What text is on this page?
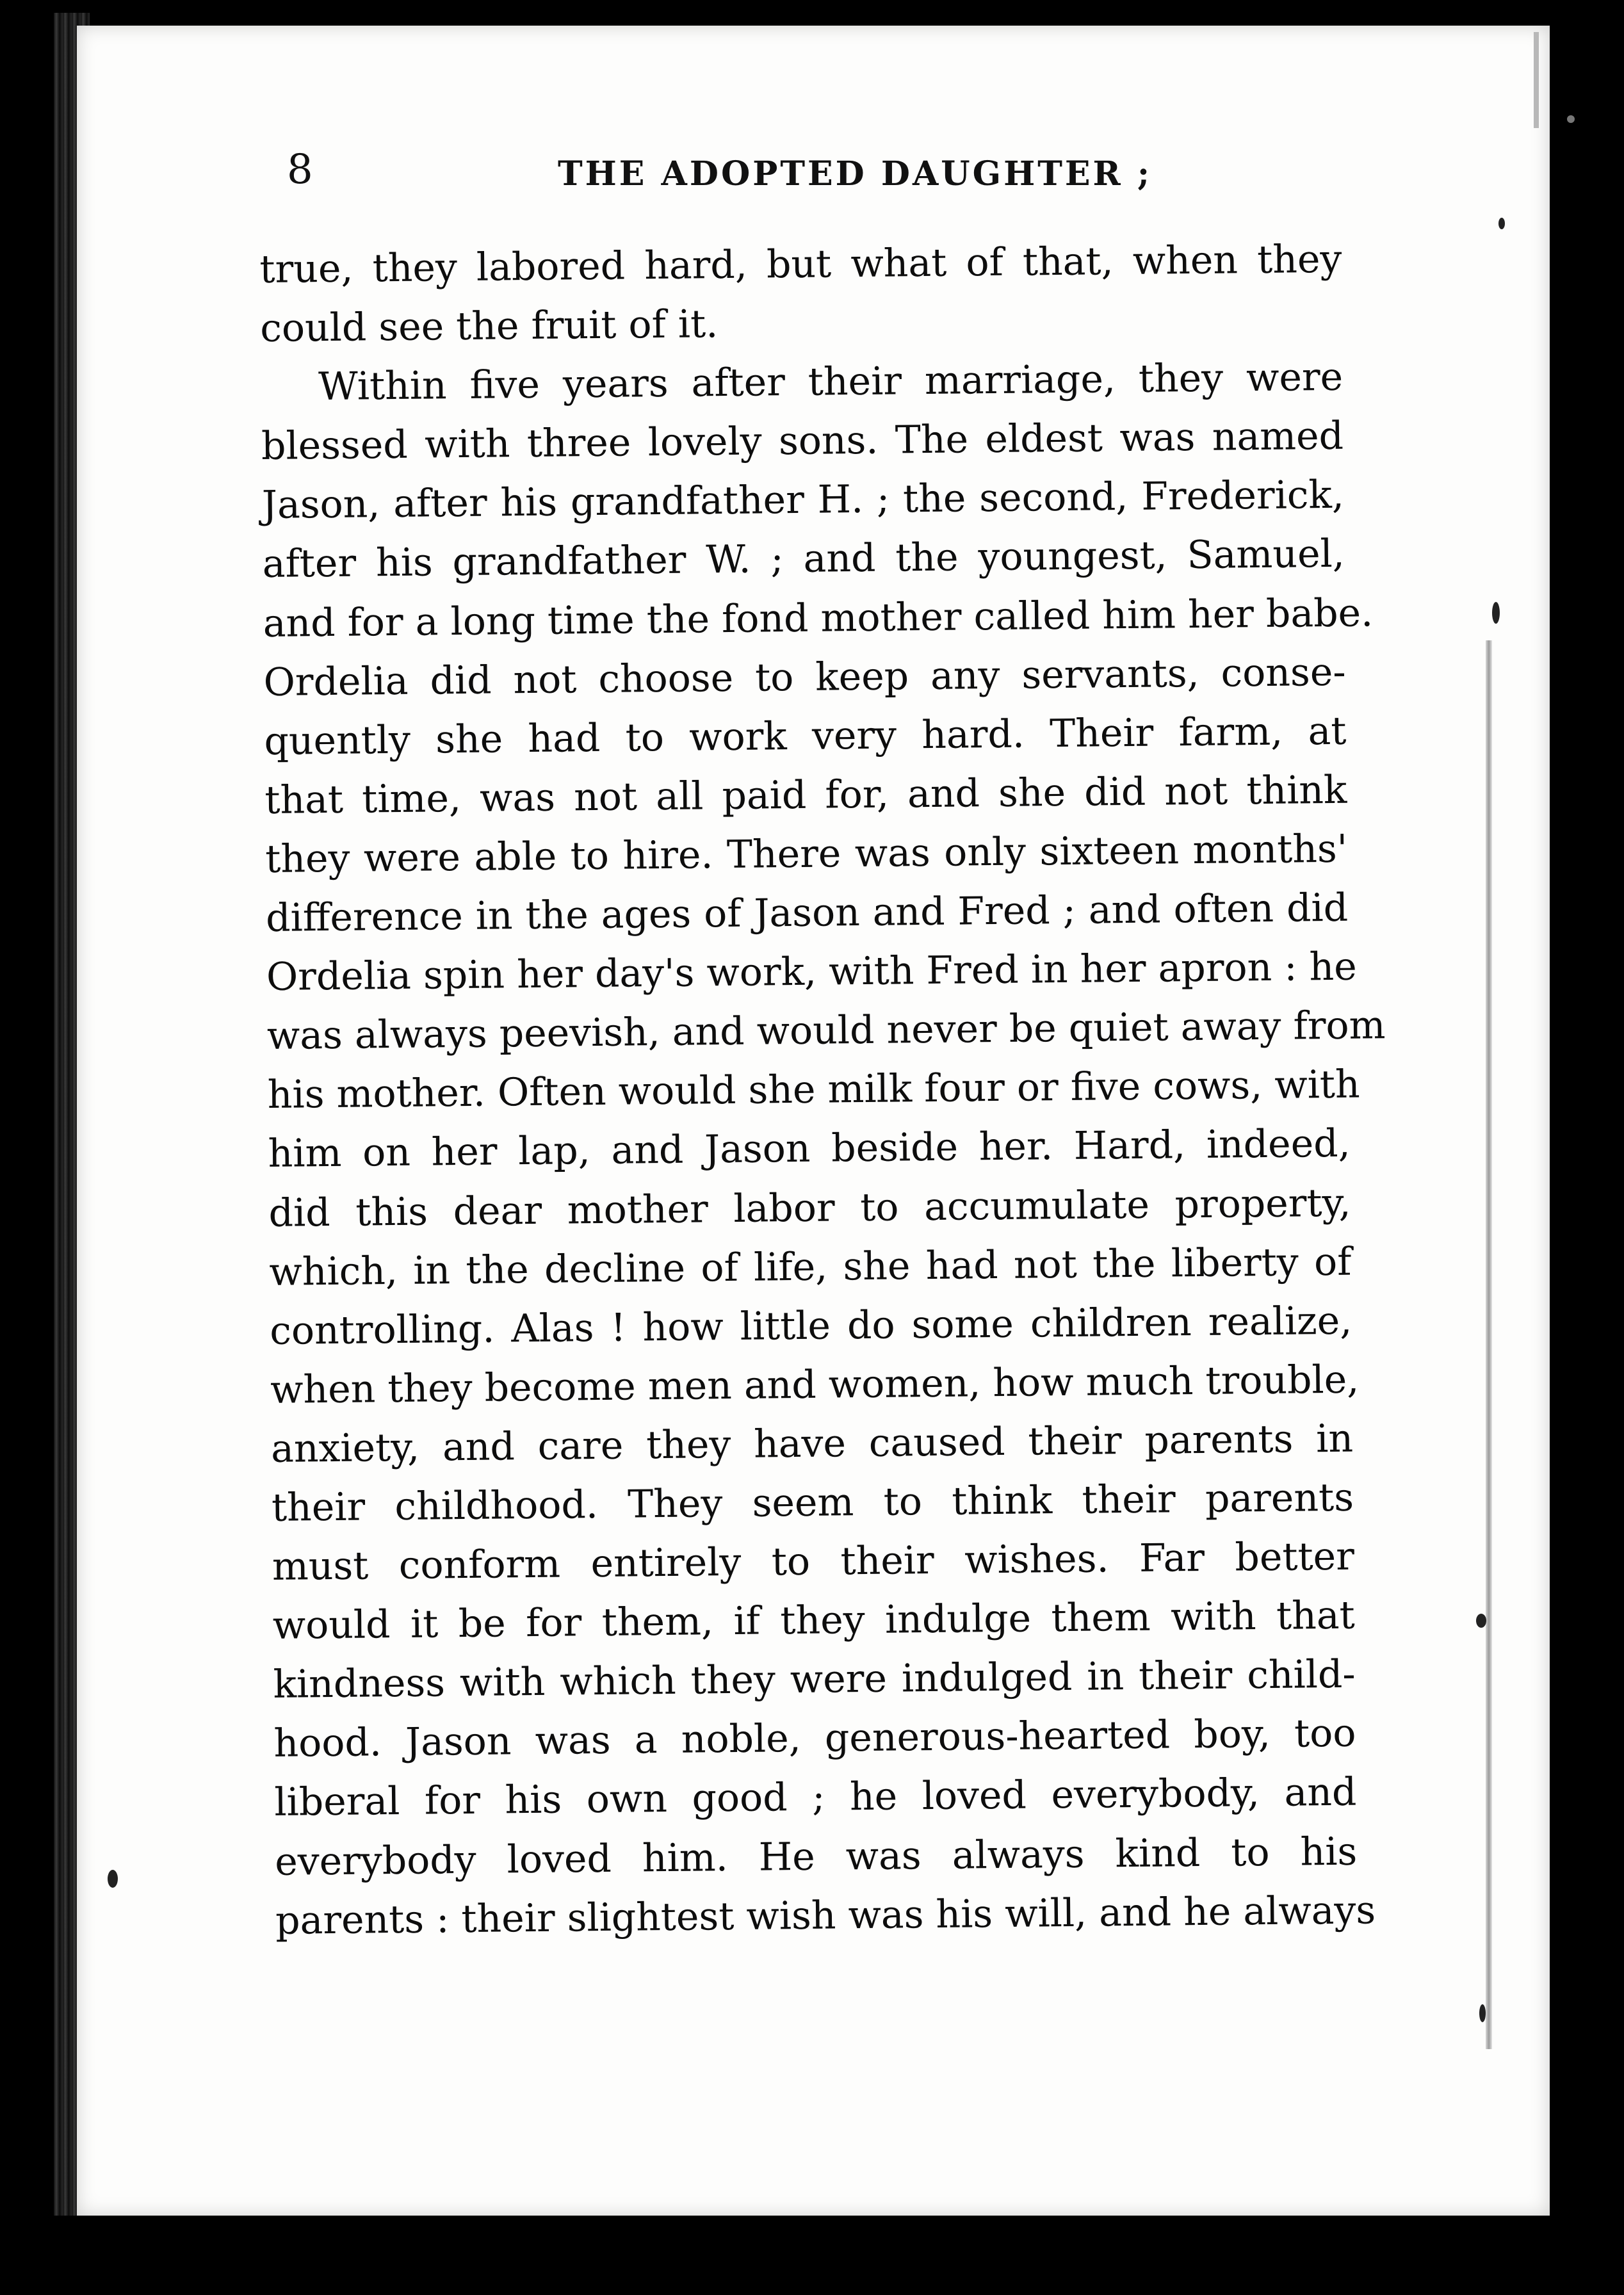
8	THE ADOPTED DAUGHTER ;
true, they labored hard, but what of that, when they
could see the fruit of it.
Within five years after their marriage, they were
blessed with three lovely sons. The eldest was named
Jason, after his grandfather H. ; the second, Frederick,
after his grandfather W. ; and the youngest, Samuel,
and for a long time the fond mother called him her babe.
Ordelia did not choose to keep any servants, conse-
quently she had to work very hard. Their farm, at
that time, was not all paid for, and she did not think
they were able to hire. There was only sixteen months'
difference in the ages of Jason and Fred ; and often did
Ordelia spin her day's work, with Fred in her apron : he
was always peevish, and would never be quiet away from
his mother. Often would she milk four or five cows, with
him on her lap, and Jason beside her. Hard, indeed,
did this dear mother labor to accumulate property,
which, in the decline of life, she had not the liberty of
controlling. Alas ! how little do some children realize,
when they become men and women, how much trouble,
anxiety, and care they have caused their parents in
their childhood. They seem to think their parents
must conform entirely to their wishes. Far better
would it be for them, if they indulge them with that
kindness with which they were indulged in their child-
hood. Jason was a noble, generous-hearted boy, too
liberal for his own good ; he loved everybody, and
everybody loved him. He was always kind to his
parents : their slightest wish was his will, and he always
